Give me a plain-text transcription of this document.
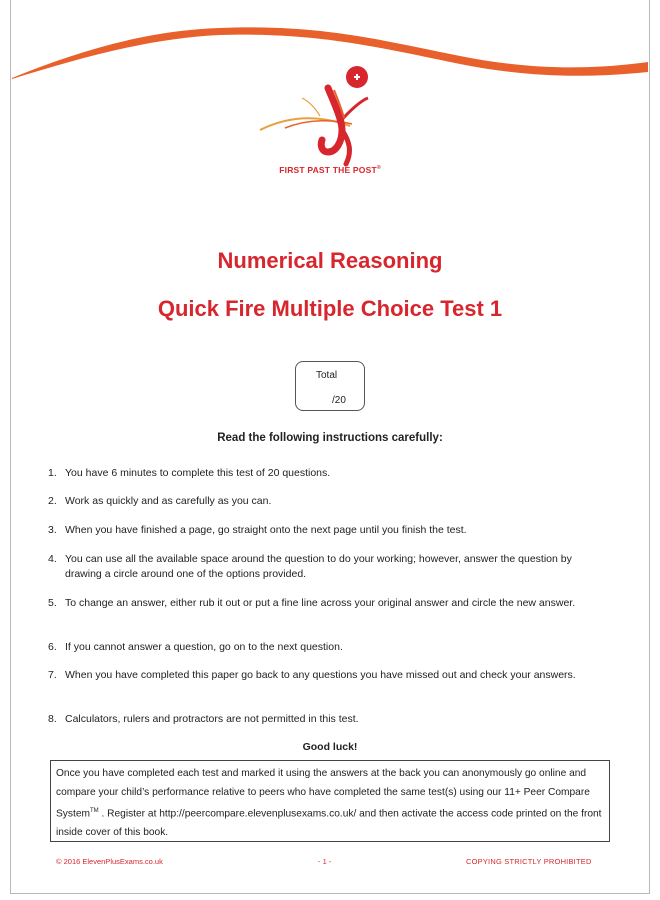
FIRST PAST THE POST®
Numerical Reasoning
Quick Fire Multiple Choice Test 1
Total
/20
Read the following instructions carefully:
1. You have 6 minutes to complete this test of 20 questions.
2. Work as quickly and as carefully as you can.
3. When you have finished a page, go straight onto the next page until you finish the test.
4. You can use all the available space around the question to do your working; however, answer the question by drawing a circle around one of the options provided.
5. To change an answer, either rub it out or put a fine line across your original answer and circle the new answer.
6. If you cannot answer a question, go on to the next question.
7. When you have completed this paper go back to any questions you have missed out and check your answers.
8. Calculators, rulers and protractors are not permitted in this test.
Good luck!
Once you have completed each test and marked it using the answers at the back you can anonymously go online and compare your child’s performance relative to peers who have completed the same test(s) using our 11+ Peer Compare System™ . Register at http://peercompare.elevenplusexams.co.uk/ and then activate the access code printed on the front inside cover of this book.
© 2016 ElevenPlusExams.co.uk	- 1 -	COPYING STRICTLY PROHIBITED
